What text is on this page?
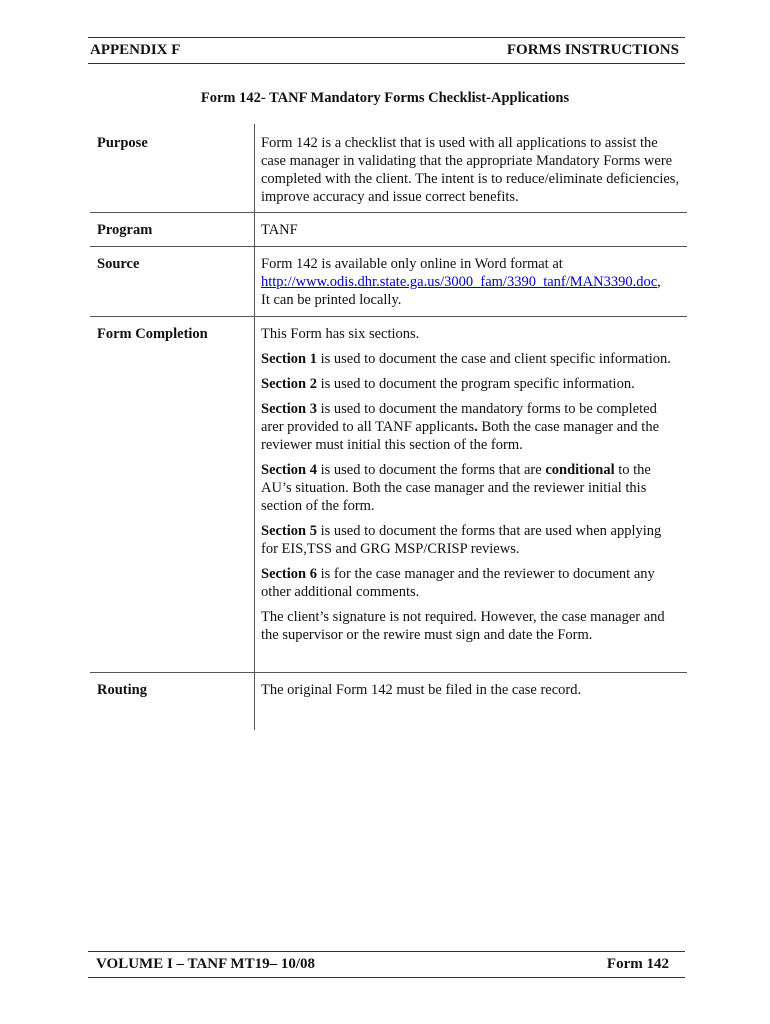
APPENDIX F	FORMS INSTRUCTIONS
Form 142- TANF Mandatory Forms Checklist-Applications
Purpose	Form 142 is a checklist that is used with all applications to assist the case manager in validating that the appropriate Mandatory Forms were completed with the client. The intent is to reduce/eliminate deficiencies, improve accuracy and issue correct benefits.
Program	TANF
Source	Form 142 is available only online in Word format at
http://www.odis.dhr.state.ga.us/3000_fam/3390_tanf/MAN3390.doc,
It can be printed locally.
Form Completion	This Form has six sections.

Section 1 is used to document the case and client specific information.

Section 2 is used to document the program specific information.

Section 3 is used to document the mandatory forms to be completed arer provided to all TANF applicants. Both the case manager and the reviewer must initial this section of the form.

Section 4 is used to document the forms that are conditional to the AU’s situation. Both the case manager and the reviewer initial this section of the form.

Section 5 is used to document the forms that are used when applying for EIS,TSS and GRG MSP/CRISP reviews.

Section 6 is for the case manager and the reviewer to document any other additional comments.

The client’s signature is not required. However, the case manager and the supervisor or the rewire must sign and date the Form.

Routing	The original Form 142 must be filed in the case record.
VOLUME I – TANF MT19– 10/08	Form 142
